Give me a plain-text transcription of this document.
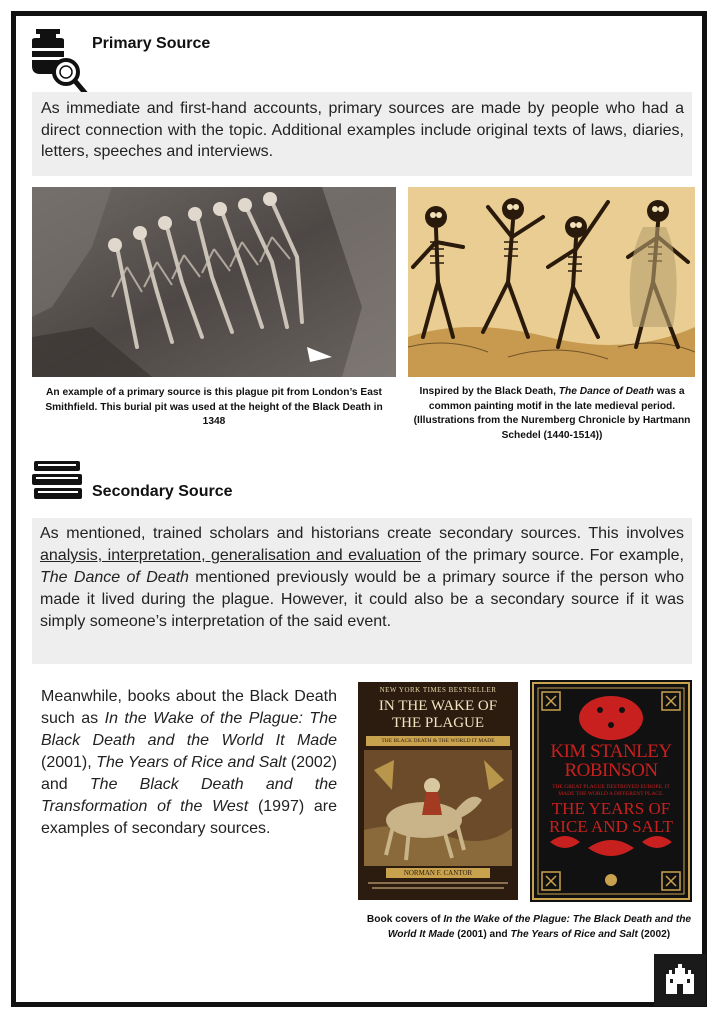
Primary Source
As immediate and first-hand accounts, primary sources are made by people who had a direct connection with the topic. Additional examples include original texts of laws, diaries, letters, speeches and interviews.
An example of a primary source is this plague pit from London’s East Smithfield. This burial pit was used at the height of the Black Death in 1348
Inspired by the Black Death, The Dance of Death was a common painting motif in the late medieval period. (Illustrations from the Nuremberg Chronicle by Hartmann Schedel (1440-1514))
Secondary Source
As mentioned, trained scholars and historians create secondary sources. This involves analysis, interpretation, generalisation and evaluation of the primary source. For example, The Dance of Death mentioned previously would be a primary source if the person who made it lived during the plague. However, it could also be a secondary source if it was simply someone’s interpretation of the said event.
Meanwhile, books about the Black Death such as In the Wake of the Plague: The Black Death and the World It Made (2001), The Years of Rice and Salt (2002) and The Black Death and the Transformation of the West (1997) are examples of secondary sources.
NEW YORK TIMES BESTSELLER
IN THE WAKE OF
THE PLAGUE
THE BLACK DEATH & THE WORLD IT MADE
NORMAN F. CANTOR
KIM STANLEY
ROBINSON
THE GREAT PLAGUE DESTROYED EUROPE. IT MADE THE WORLD A DIFFERENT PLACE.
THE YEARS OF
RICE AND SALT
Book covers of In the Wake of the Plague: The Black Death and the World It Made (2001) and The Years of Rice and Salt (2002)
